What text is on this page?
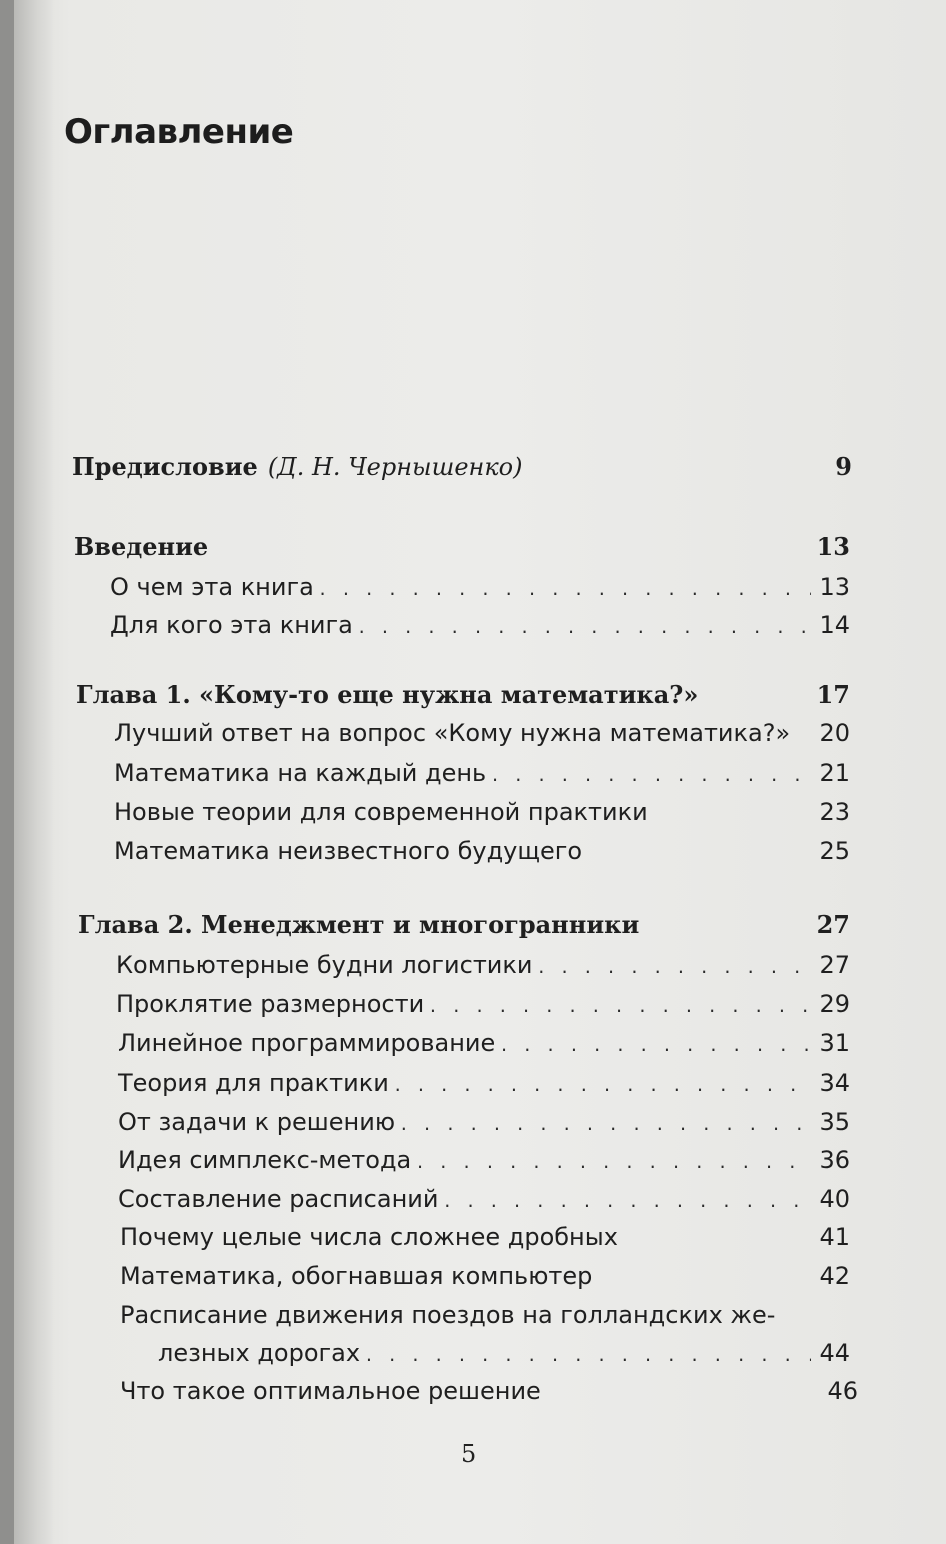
Оглавление
Предисловие (Д. Н. Чернышенко)	9
Введение	13
О чем эта книга . . .	13
Для кого эта книга . . .	14
Глава 1. «Кому-то еще нужна математика?»	17
Лучший ответ на вопрос «Кому нужна математика?» 20
Математика на каждый день . . .	21
Новые теории для современной практики	23
Математика неизвестного будущего	25
Глава 2. Менеджмент и многогранники	27
Компьютерные будни логистики . . .	27
Проклятие размерности . . .	29
Линейное программирование . . .	31
Теория для практики . . .	34
От задачи к решению . . .	35
Идея симплекс-метода . . .	36
Составление расписаний . . .	40
Почему целые числа сложнее дробных	41
Математика, обогнавшая компьютер	42
Расписание движения поездов на голландских же-
лезных дорогах . . .	44
Что такое оптимальное решение	46
5
